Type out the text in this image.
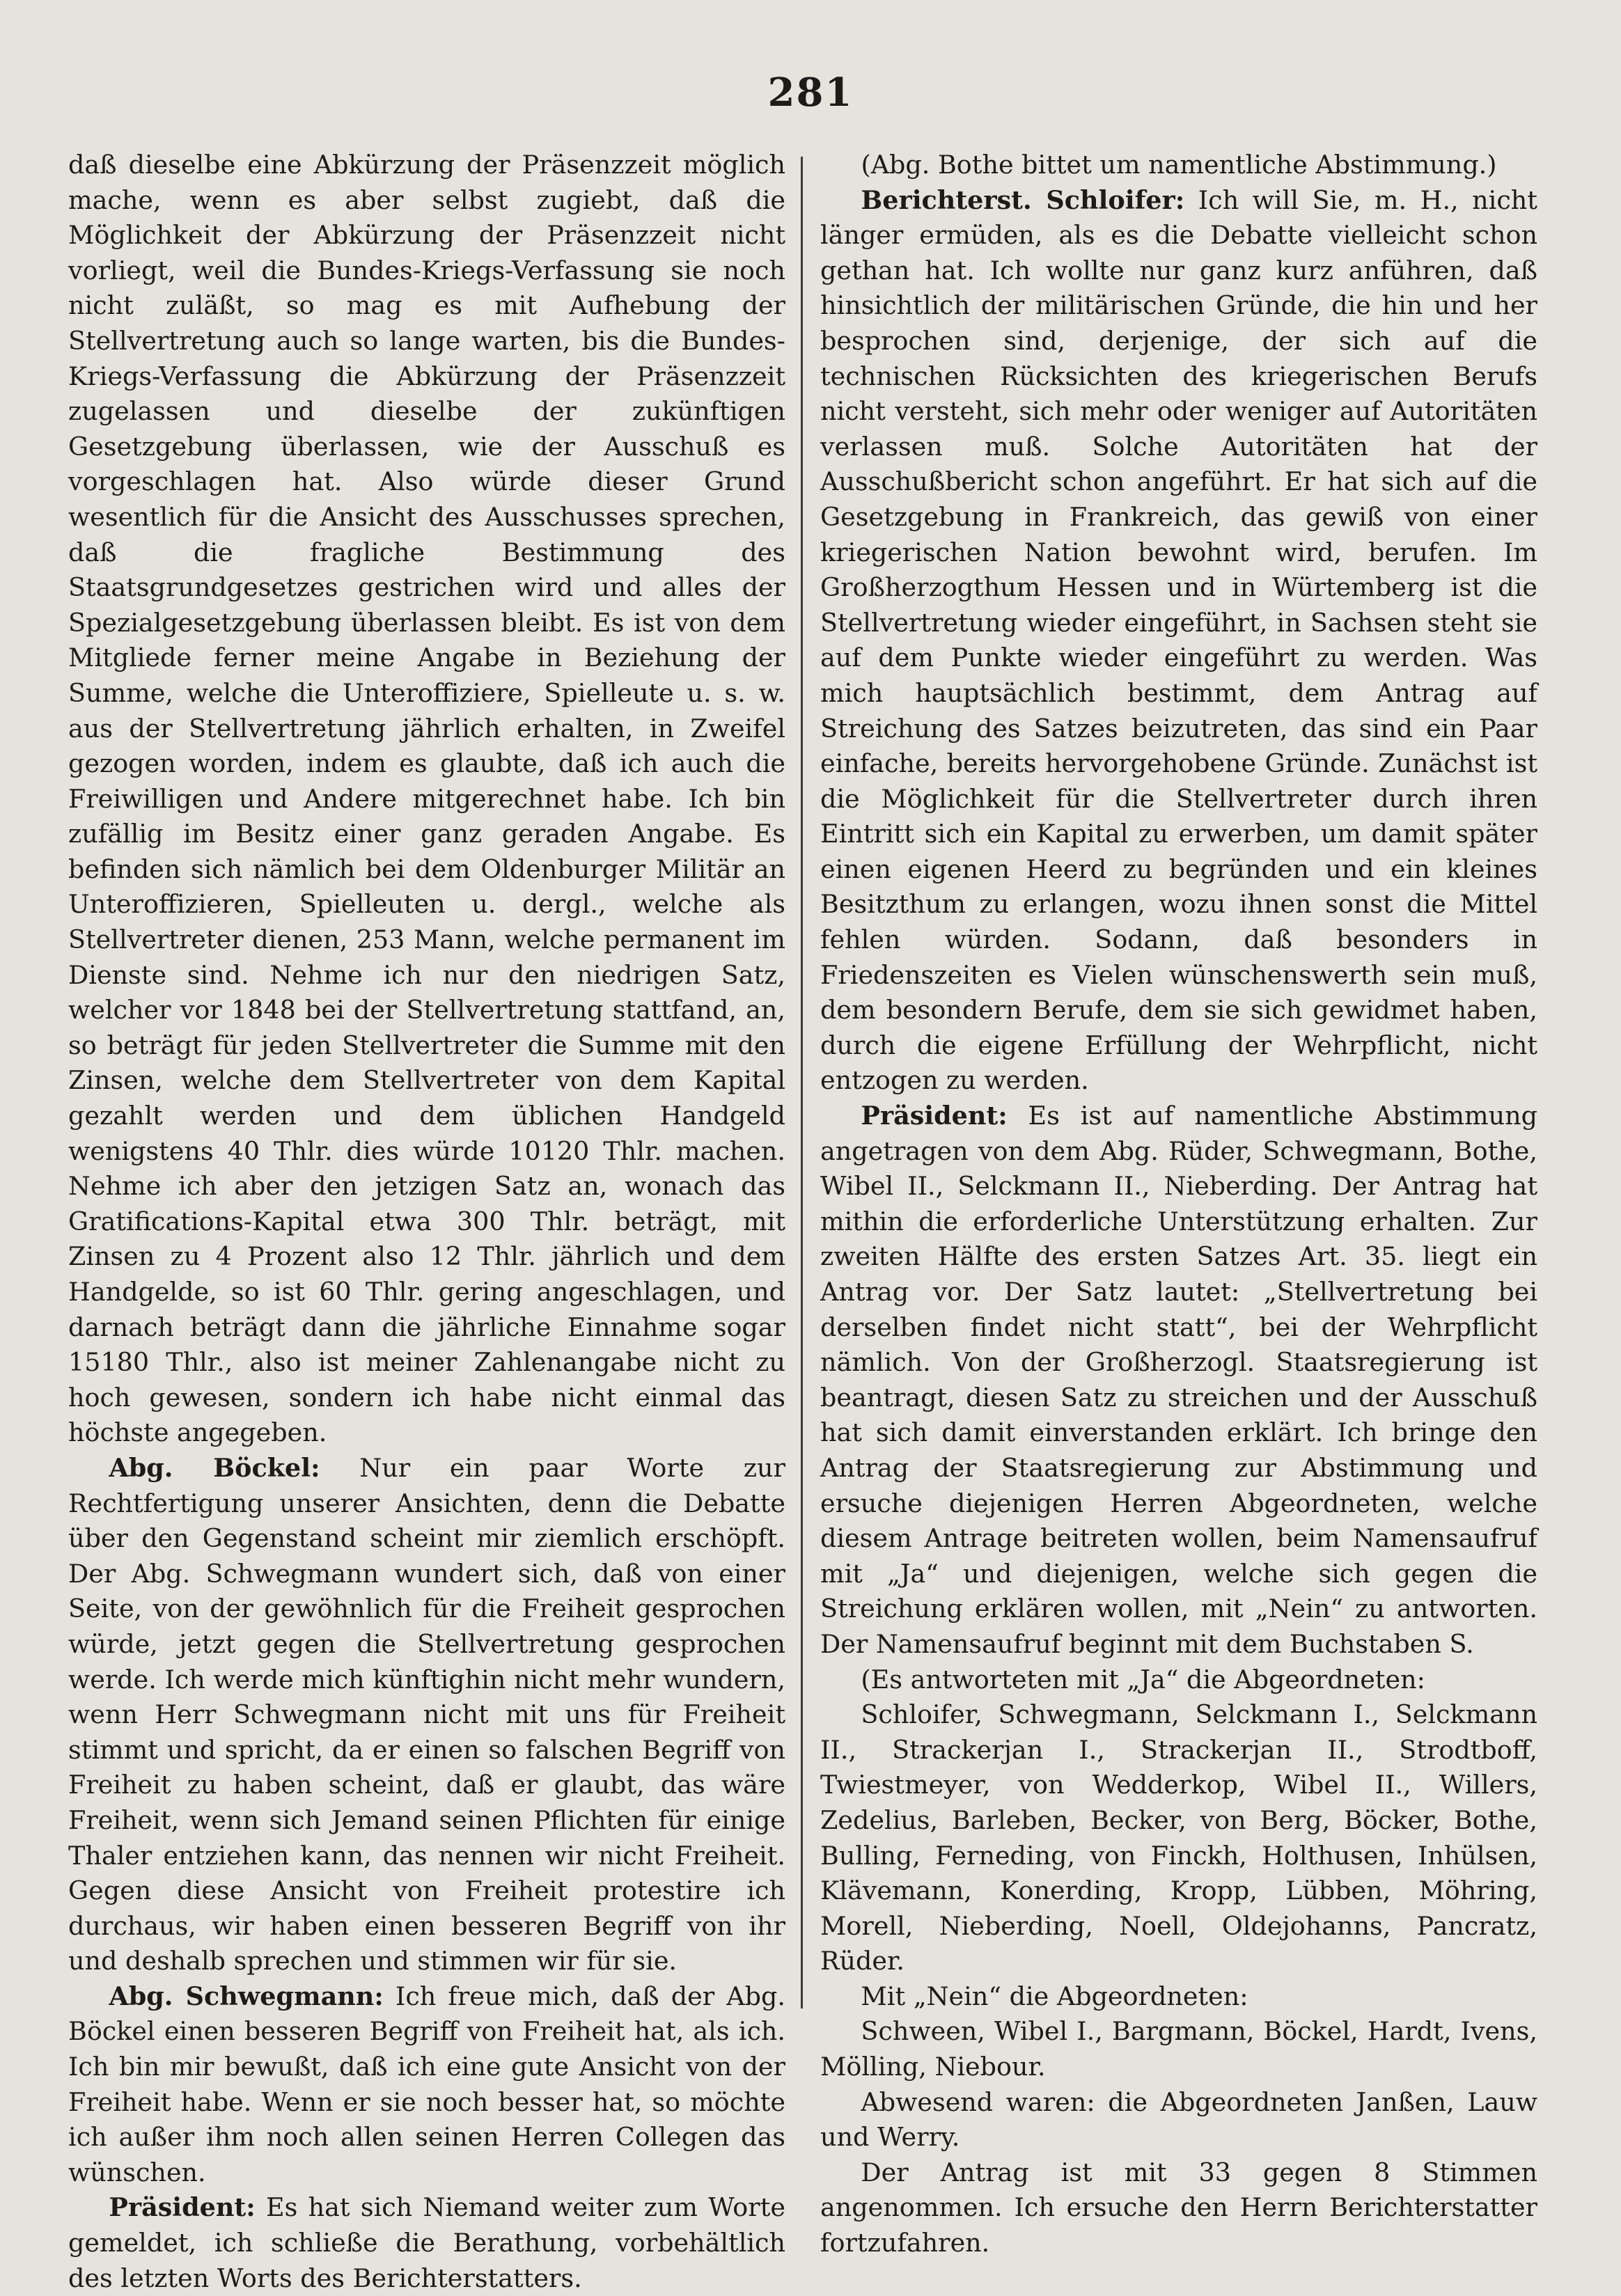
281

daß dieselbe eine Abkürzung der Präsenzzeit möglich mache, wenn es aber selbst zugiebt, daß die Möglichkeit der Abkürzung der Präsenzzeit nicht vorliegt, weil die Bundes-Kriegs-Verfassung sie noch nicht zuläßt, so mag es mit Aufhebung der Stellvertretung auch so lange warten, bis die Bundes-Kriegs-Verfassung die Abkürzung der Präsenzzeit zugelassen und dieselbe der zukünftigen Gesetzgebung überlassen, wie der Ausschuß es vorgeschlagen hat. Also würde dieser Grund wesentlich für die Ansicht des Ausschusses sprechen, daß die fragliche Bestimmung des Staatsgrundgesetzes gestrichen wird und alles der Spezialgesetzgebung überlassen bleibt. Es ist von dem Mitgliede ferner meine Angabe in Beziehung der Summe, welche die Unteroffiziere, Spielleute u. s. w. aus der Stellvertretung jährlich erhalten, in Zweifel gezogen worden, indem es glaubte, daß ich auch die Freiwilligen und Andere mitgerechnet habe. Ich bin zufällig im Besitz einer ganz geraden Angabe. Es befinden sich nämlich bei dem Oldenburger Militär an Unteroffizieren, Spielleuten u. dergl., welche als Stellvertreter dienen, 253 Mann, welche permanent im Dienste sind. Nehme ich nur den niedrigen Satz, welcher vor 1848 bei der Stellvertretung stattfand, an, so beträgt für jeden Stellvertreter die Summe mit den Zinsen, welche dem Stellvertreter von dem Kapital gezahlt werden und dem üblichen Handgeld wenigstens 40 Thlr. dies würde 10120 Thlr. machen. Nehme ich aber den jetzigen Satz an, wonach das Gratifications-Kapital etwa 300 Thlr. beträgt, mit Zinsen zu 4 Prozent also 12 Thlr. jährlich und dem Handgelde, so ist 60 Thlr. gering angeschlagen, und darnach beträgt dann die jährliche Einnahme sogar 15180 Thlr., also ist meiner Zahlenangabe nicht zu hoch gewesen, sondern ich habe nicht einmal das höchste angegeben.

Abg. Böckel: Nur ein paar Worte zur Rechtfertigung unserer Ansichten, denn die Debatte über den Gegenstand scheint mir ziemlich erschöpft. Der Abg. Schwegmann wundert sich, daß von einer Seite, von der gewöhnlich für die Freiheit gesprochen würde, jetzt gegen die Stellvertretung gesprochen werde. Ich werde mich künftighin nicht mehr wundern, wenn Herr Schwegmann nicht mit uns für Freiheit stimmt und spricht, da er einen so falschen Begriff von Freiheit zu haben scheint, daß er glaubt, das wäre Freiheit, wenn sich Jemand seinen Pflichten für einige Thaler entziehen kann, das nennen wir nicht Freiheit. Gegen diese Ansicht von Freiheit protestire ich durchaus, wir haben einen besseren Begriff von ihr und deshalb sprechen und stimmen wir für sie.

Abg. Schwegmann: Ich freue mich, daß der Abg. Böckel einen besseren Begriff von Freiheit hat, als ich. Ich bin mir bewußt, daß ich eine gute Ansicht von der Freiheit habe. Wenn er sie noch besser hat, so möchte ich außer ihm noch allen seinen Herren Collegen das wünschen.

Präsident: Es hat sich Niemand weiter zum Worte gemeldet, ich schließe die Berathung, vorbehältlich des letzten Worts des Berichterstatters.

(Abg. Bothe bittet um namentliche Abstimmung.)

Berichterst. Schloifer: Ich will Sie, m. H., nicht länger ermüden, als es die Debatte vielleicht schon gethan hat. Ich wollte nur ganz kurz anführen, daß hinsichtlich der militärischen Gründe, die hin und her besprochen sind, derjenige, der sich auf die technischen Rücksichten des kriegerischen Berufs nicht versteht, sich mehr oder weniger auf Autoritäten verlassen muß. Solche Autoritäten hat der Ausschußbericht schon angeführt. Er hat sich auf die Gesetzgebung in Frankreich, das gewiß von einer kriegerischen Nation bewohnt wird, berufen. Im Großherzogthum Hessen und in Würtemberg ist die Stellvertretung wieder eingeführt, in Sachsen steht sie auf dem Punkte wieder eingeführt zu werden. Was mich hauptsächlich bestimmt, dem Antrag auf Streichung des Satzes beizutreten, das sind ein Paar einfache, bereits hervorgehobene Gründe. Zunächst ist die Möglichkeit für die Stellvertreter durch ihren Eintritt sich ein Kapital zu erwerben, um damit später einen eigenen Heerd zu begründen und ein kleines Besitzthum zu erlangen, wozu ihnen sonst die Mittel fehlen würden. Sodann, daß besonders in Friedenszeiten es Vielen wünschenswerth sein muß, dem besondern Berufe, dem sie sich gewidmet haben, durch die eigene Erfüllung der Wehrpflicht, nicht entzogen zu werden.

Präsident: Es ist auf namentliche Abstimmung angetragen von dem Abg. Rüder, Schwegmann, Bothe, Wibel II., Selckmann II., Nieberding. Der Antrag hat mithin die erforderliche Unterstützung erhalten. Zur zweiten Hälfte des ersten Satzes Art. 35. liegt ein Antrag vor. Der Satz lautet: „Stellvertretung bei derselben findet nicht statt“, bei der Wehrpflicht nämlich. Von der Großherzogl. Staatsregierung ist beantragt, diesen Satz zu streichen und der Ausschuß hat sich damit einverstanden erklärt. Ich bringe den Antrag der Staatsregierung zur Abstimmung und ersuche diejenigen Herren Abgeordneten, welche diesem Antrage beitreten wollen, beim Namensaufruf mit „Ja“ und diejenigen, welche sich gegen die Streichung erklären wollen, mit „Nein“ zu antworten. Der Namensaufruf beginnt mit dem Buchstaben S.

(Es antworteten mit „Ja“ die Abgeordneten:

Schloifer, Schwegmann, Selckmann I., Selckmann II., Strackerjan I., Strackerjan II., Strodtboff, Twiestmeyer, von Wedderkop, Wibel II., Willers, Zedelius, Barleben, Becker, von Berg, Böcker, Bothe, Bulling, Ferneding, von Finckh, Holthusen, Inhülsen, Klävemann, Konerding, Kropp, Lübben, Möhring, Morell, Nieberding, Noell, Oldejohanns, Pancratz, Rüder.

Mit „Nein“ die Abgeordneten:

Schween, Wibel I., Bargmann, Böckel, Hardt, Ivens, Mölling, Niebour.

Abwesend waren: die Abgeordneten Janßen, Lauw und Werry.

Der Antrag ist mit 33 gegen 8 Stimmen angenommen. Ich ersuche den Herrn Berichterstatter fortzufahren.
